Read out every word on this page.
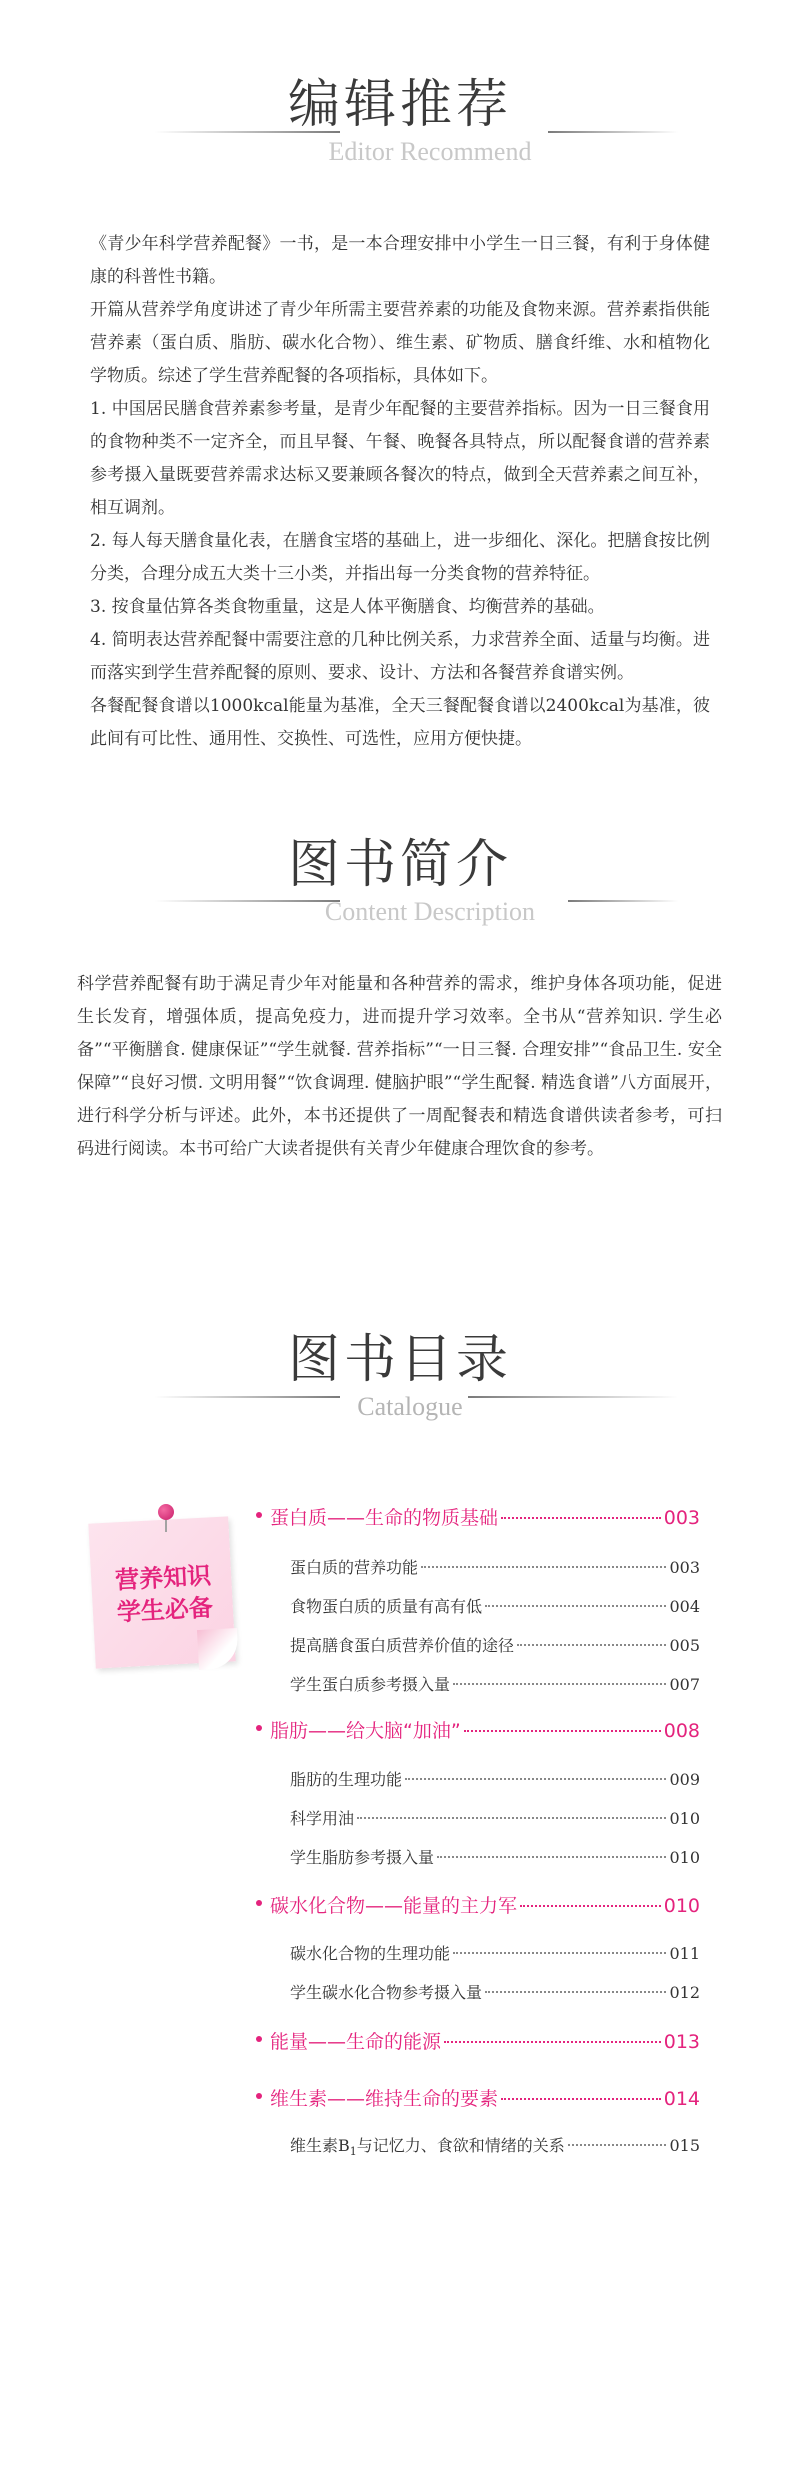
编辑推荐
Editor Recommend

《青少年科学营养配餐》一书，是一本合理安排中小学生一日三餐，有利于身体健康的科普性书籍。

开篇从营养学角度讲述了青少年所需主要营养素的功能及食物来源。营养素指供能营养素（蛋白质、脂肪、碳水化合物）、维生素、矿物质、膳食纤维、水和植物化学物质。综述了学生营养配餐的各项指标，具体如下。

1. 中国居民膳食营养素参考量，是青少年配餐的主要营养指标。因为一日三餐食用的食物种类不一定齐全，而且早餐、午餐、晚餐各具特点，所以配餐食谱的营养素参考摄入量既要营养需求达标又要兼顾各餐次的特点，做到全天营养素之间互补，相互调剂。

2. 每人每天膳食量化表，在膳食宝塔的基础上，进一步细化、深化。把膳食按比例分类，合理分成五大类十三小类，并指出每一分类食物的营养特征。

3. 按食量估算各类食物重量，这是人体平衡膳食、均衡营养的基础。

4. 简明表达营养配餐中需要注意的几种比例关系，力求营养全面、适量与均衡。进而落实到学生营养配餐的原则、要求、设计、方法和各餐营养食谱实例。

各餐配餐食谱以1000kcal能量为基准，全天三餐配餐食谱以2400kcal为基准，彼此间有可比性、通用性、交换性、可选性，应用方便快捷。

图书简介
Content Description

科学营养配餐有助于满足青少年对能量和各种营养的需求，维护身体各项功能，促进生长发育，增强体质，提高免疫力，进而提升学习效率。全书从“营养知识. 学生必备”“平衡膳食. 健康保证”“学生就餐. 营养指标”“一日三餐. 合理安排”“食品卫生. 安全保障”“良好习惯. 文明用餐”“饮食调理. 健脑护眼”“学生配餐. 精选食谱”八方面展开，进行科学分析与评述。此外，本书还提供了一周配餐表和精选食谱供读者参考，可扫码进行阅读。本书可给广大读者提供有关青少年健康合理饮食的参考。

图书目录
Catalogue
营养知识
学生必备
蛋白质——生命的物质基础	003
蛋白质的营养功能	003
食物蛋白质的质量有高有低	004
提高膳食蛋白质营养价值的途径	005
学生蛋白质参考摄入量	007
脂肪——给大脑“加油”	008
脂肪的生理功能	009
科学用油	010
学生脂肪参考摄入量	010
碳水化合物——能量的主力军	010
碳水化合物的生理功能	011
学生碳水化合物参考摄入量	012
能量——生命的能源	013
维生素——维持生命的要素	014
维生素$B_1$与记忆力、食欲和情绪的关系	015
